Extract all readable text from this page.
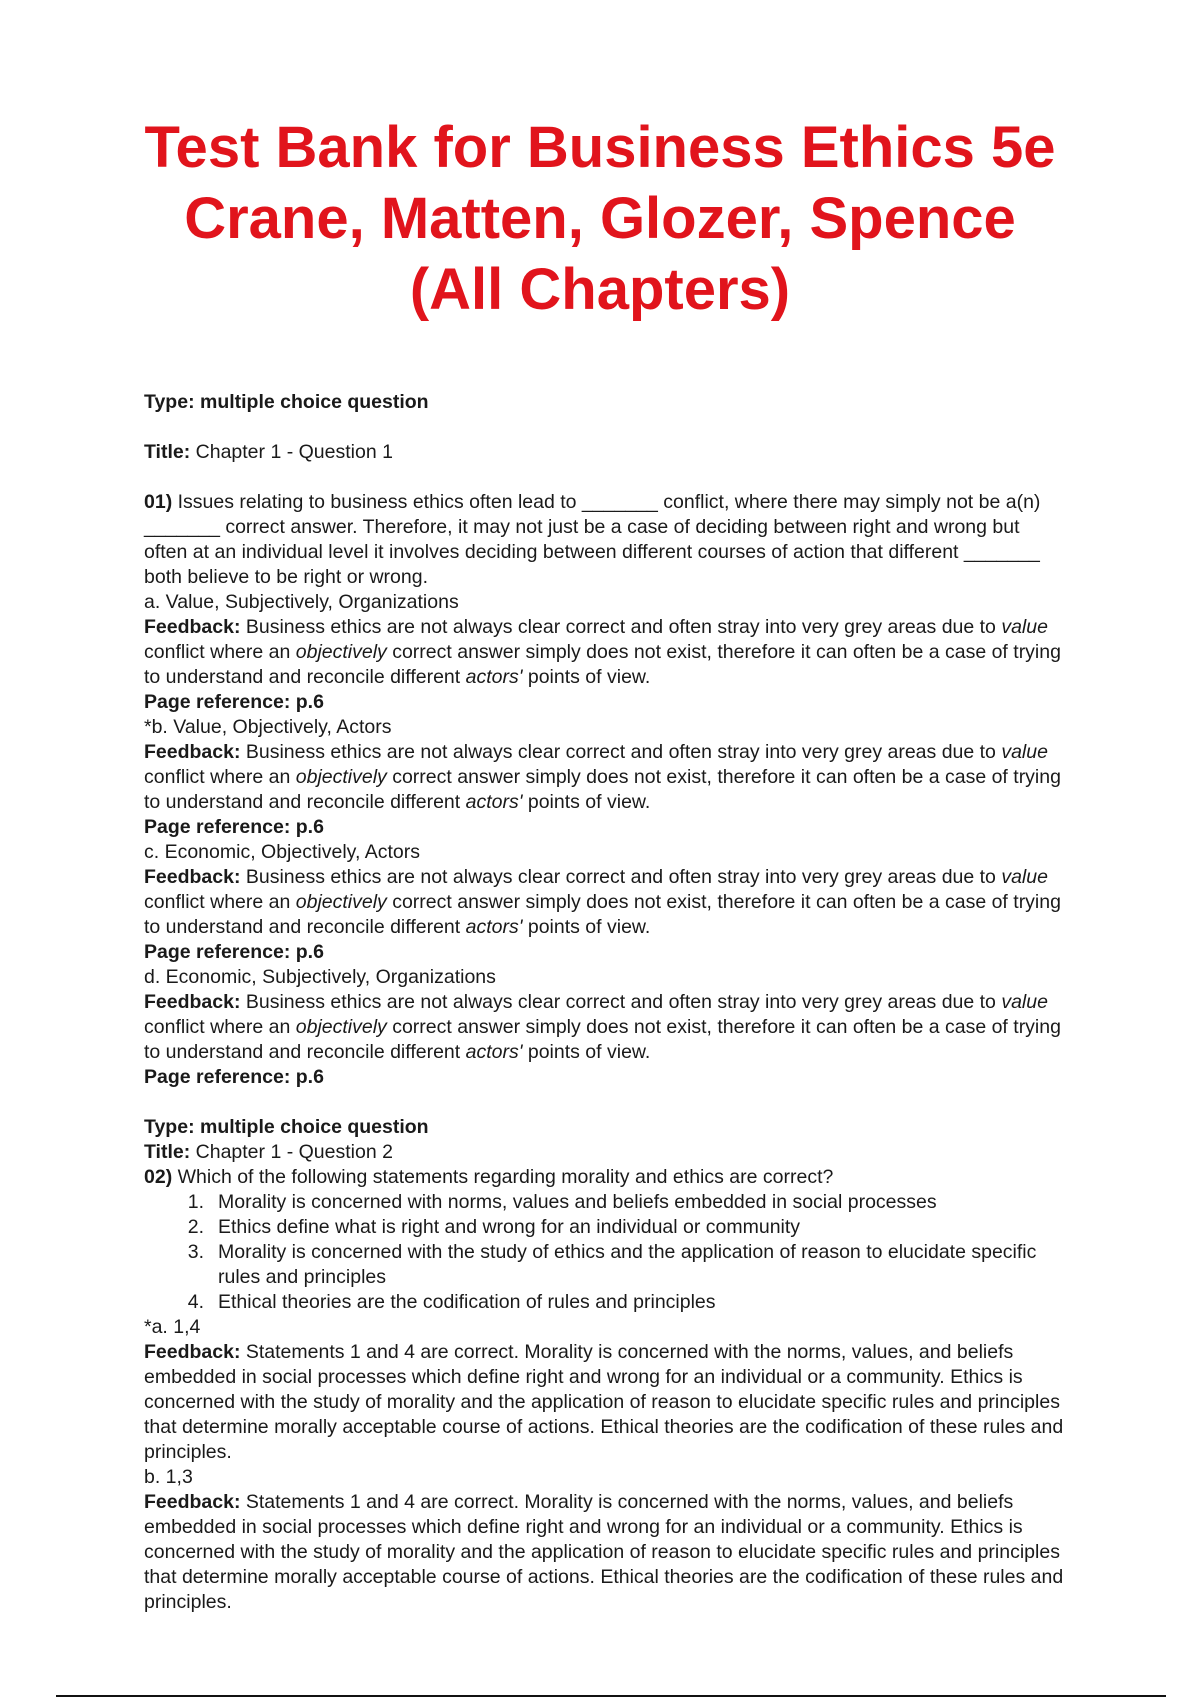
Test Bank for Business Ethics 5e
Crane, Matten, Glozer, Spence
(All Chapters)

Type: multiple choice question

Title: Chapter 1 - Question 1

01) Issues relating to business ethics often lead to _______ conflict, where there may simply not be a(n) _______ correct answer. Therefore, it may not just be a case of deciding between right and wrong but often at an individual level it involves deciding between different courses of action that different _______ both believe to be right or wrong.

a. Value, Subjectively, Organizations

Feedback: Business ethics are not always clear correct and often stray into very grey areas due to value conflict where an objectively correct answer simply does not exist, therefore it can often be a case of trying to understand and reconcile different actors' points of view.

Page reference: p.6

*b. Value, Objectively, Actors

Feedback: Business ethics are not always clear correct and often stray into very grey areas due to value conflict where an objectively correct answer simply does not exist, therefore it can often be a case of trying to understand and reconcile different actors' points of view.

Page reference: p.6

c. Economic, Objectively, Actors

Feedback: Business ethics are not always clear correct and often stray into very grey areas due to value conflict where an objectively correct answer simply does not exist, therefore it can often be a case of trying to understand and reconcile different actors' points of view.

Page reference: p.6

d. Economic, Subjectively, Organizations

Feedback: Business ethics are not always clear correct and often stray into very grey areas due to value conflict where an objectively correct answer simply does not exist, therefore it can often be a case of trying to understand and reconcile different actors' points of view.

Page reference: p.6

Type: multiple choice question

Title: Chapter 1 - Question 2

02) Which of the following statements regarding morality and ethics are correct?

Morality is concerned with norms, values and beliefs embedded in social processes
Ethics define what is right and wrong for an individual or community
Morality is concerned with the study of ethics and the application of reason to elucidate specific rules and principles
Ethical theories are the codification of rules and principles

*a. 1,4

Feedback: Statements 1 and 4 are correct. Morality is concerned with the norms, values, and beliefs embedded in social processes which define right and wrong for an individual or a community. Ethics is concerned with the study of morality and the application of reason to elucidate specific rules and principles that determine morally acceptable course of actions. Ethical theories are the codification of these rules and principles.

b. 1,3

Feedback: Statements 1 and 4 are correct. Morality is concerned with the norms, values, and beliefs embedded in social processes which define right and wrong for an individual or a community. Ethics is concerned with the study of morality and the application of reason to elucidate specific rules and principles that determine morally acceptable course of actions. Ethical theories are the codification of these rules and principles.
